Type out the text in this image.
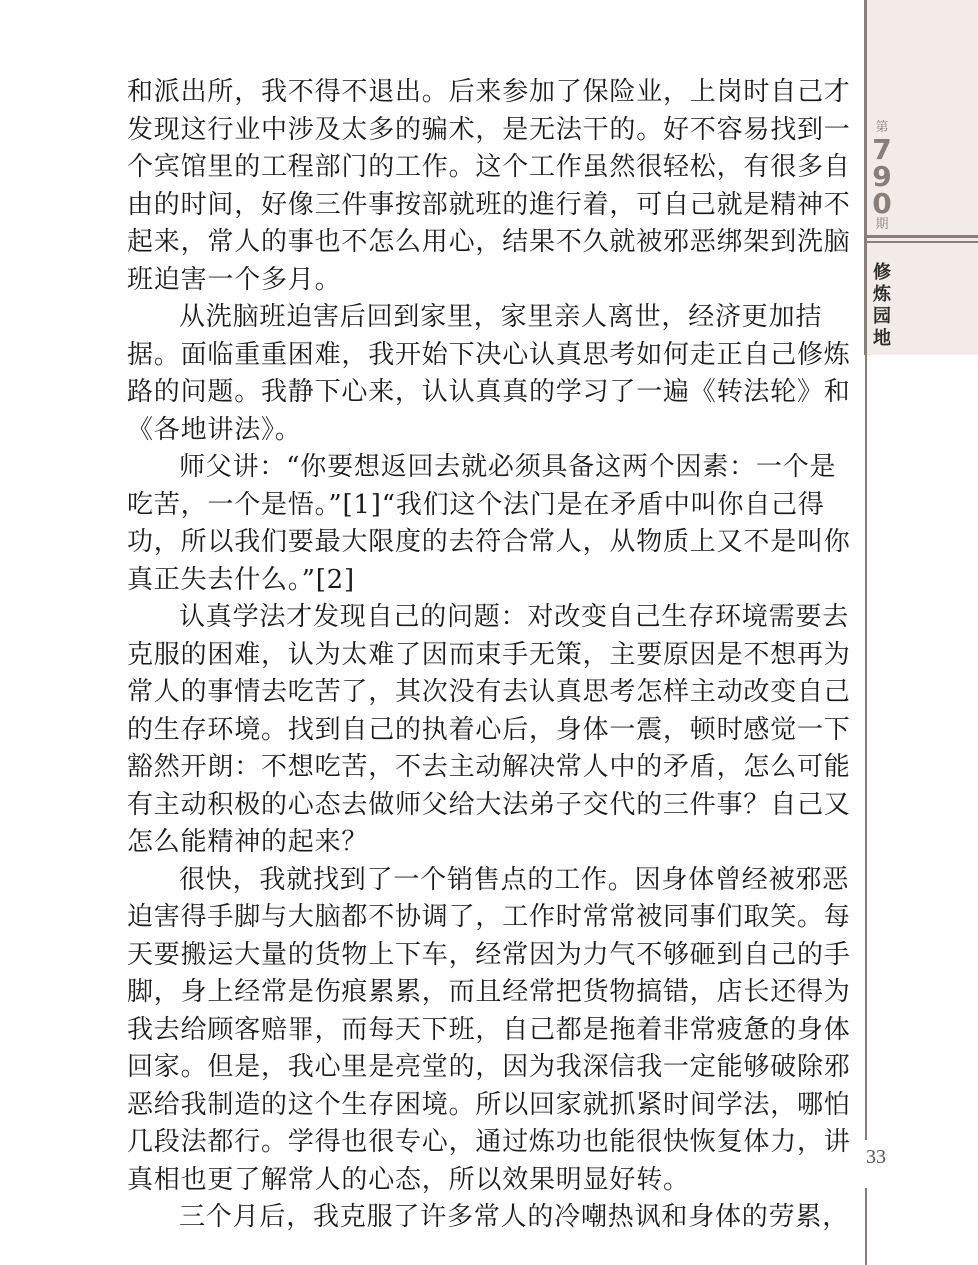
第
7
9
0
期
修
炼
园
地

和派出所，我不得不退出。后来参加了保险业，上岗时自己才发现这行业中涉及太多的骗术，是无法干的。好不容易找到一个宾馆里的工程部门的工作。这个工作虽然很轻松，有很多自由的时间，好像三件事按部就班的進行着，可自己就是精神不起来，常人的事也不怎么用心，结果不久就被邪恶绑架到洗脑班迫害一个多月。

从洗脑班迫害后回到家里，家里亲人离世，经济更加拮据。面临重重困难，我开始下决心认真思考如何走正自己修炼路的问题。我静下心来，认认真真的学习了一遍《转法轮》和《各地讲法》。

师父讲：“你要想返回去就必须具备这两个因素：一个是吃苦，一个是悟。”[1]“我们这个法门是在矛盾中叫你自己得功，所以我们要最大限度的去符合常人，从物质上又不是叫你真正失去什么。”[2]

认真学法才发现自己的问题：对改变自己生存环境需要去克服的困难，认为太难了因而束手无策，主要原因是不想再为常人的事情去吃苦了，其次没有去认真思考怎样主动改变自己的生存环境。找到自己的执着心后，身体一震，顿时感觉一下豁然开朗：不想吃苦，不去主动解决常人中的矛盾，怎么可能有主动积极的心态去做师父给大法弟子交代的三件事？自己又怎么能精神的起来？

很快，我就找到了一个销售点的工作。因身体曾经被邪恶迫害得手脚与大脑都不协调了，工作时常常被同事们取笑。每天要搬运大量的货物上下车，经常因为力气不够砸到自己的手脚，身上经常是伤痕累累，而且经常把货物搞错，店长还得为我去给顾客赔罪，而每天下班，自己都是拖着非常疲惫的身体回家。但是，我心里是亮堂的，因为我深信我一定能够破除邪恶给我制造的这个生存困境。所以回家就抓紧时间学法，哪怕几段法都行。学得也很专心，通过炼功也能很快恢复体力，讲真相也更了解常人的心态，所以效果明显好转。

三个月后，我克服了许多常人的冷嘲热讽和身体的劳累，

33
